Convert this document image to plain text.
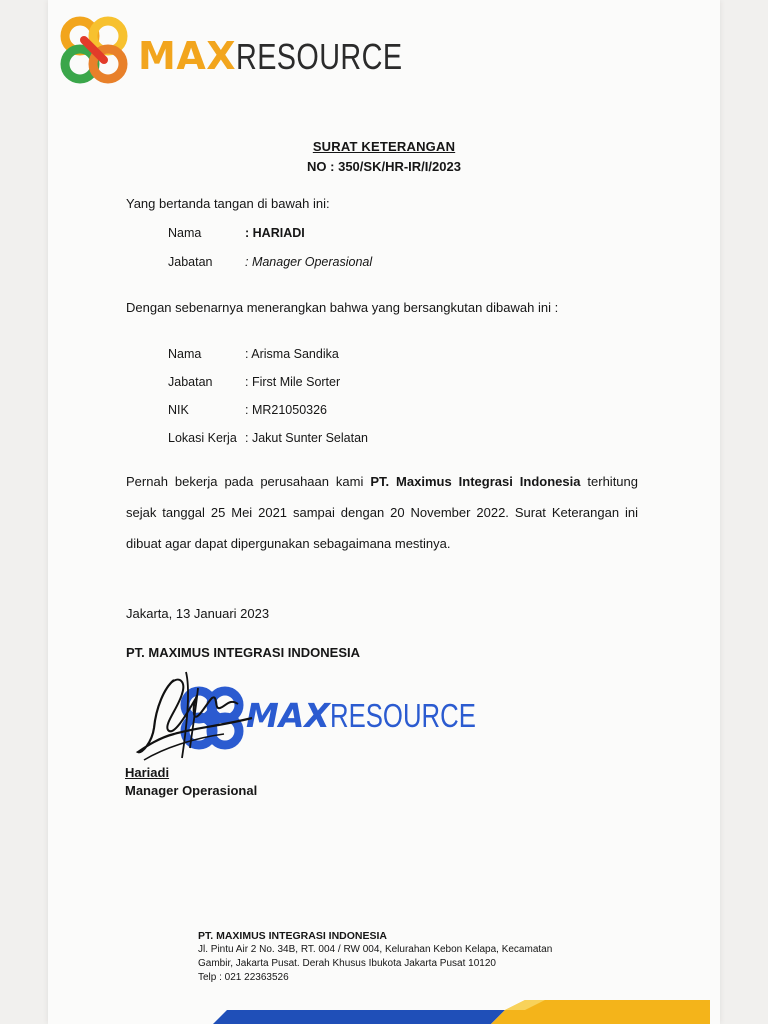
MAXRESOURCE
SURAT KETERANGAN
NO : 350/SK/HR-IR/I/2023
Yang bertanda tangan di bawah ini:
Nama	: HARIADI
Jabatan	: Manager Operasional
Dengan sebenarnya menerangkan bahwa yang bersangkutan dibawah ini :
Nama	: Arisma Sandika
Jabatan	: First Mile Sorter
NIK	: MR21050326
Lokasi Kerja : Jakut Sunter Selatan
Pernah bekerja pada perusahaan kami PT. Maximus Integrasi Indonesia terhitung sejak tanggal 25 Mei 2021 sampai dengan 20 November 2022. Surat Keterangan ini dibuat agar dapat dipergunakan sebagaimana mestinya.
Jakarta, 13 Januari 2023
PT. MAXIMUS INTEGRASI INDONESIA
MAXRESOURCE
Hariadi
Manager Operasional
PT. MAXIMUS INTEGRASI INDONESIA
Jl. Pintu Air 2 No. 34B, RT. 004 / RW 004, Kelurahan Kebon Kelapa, Kecamatan
Gambir, Jakarta Pusat. Derah Khusus Ibukota Jakarta Pusat 10120
Telp : 021 22363526
